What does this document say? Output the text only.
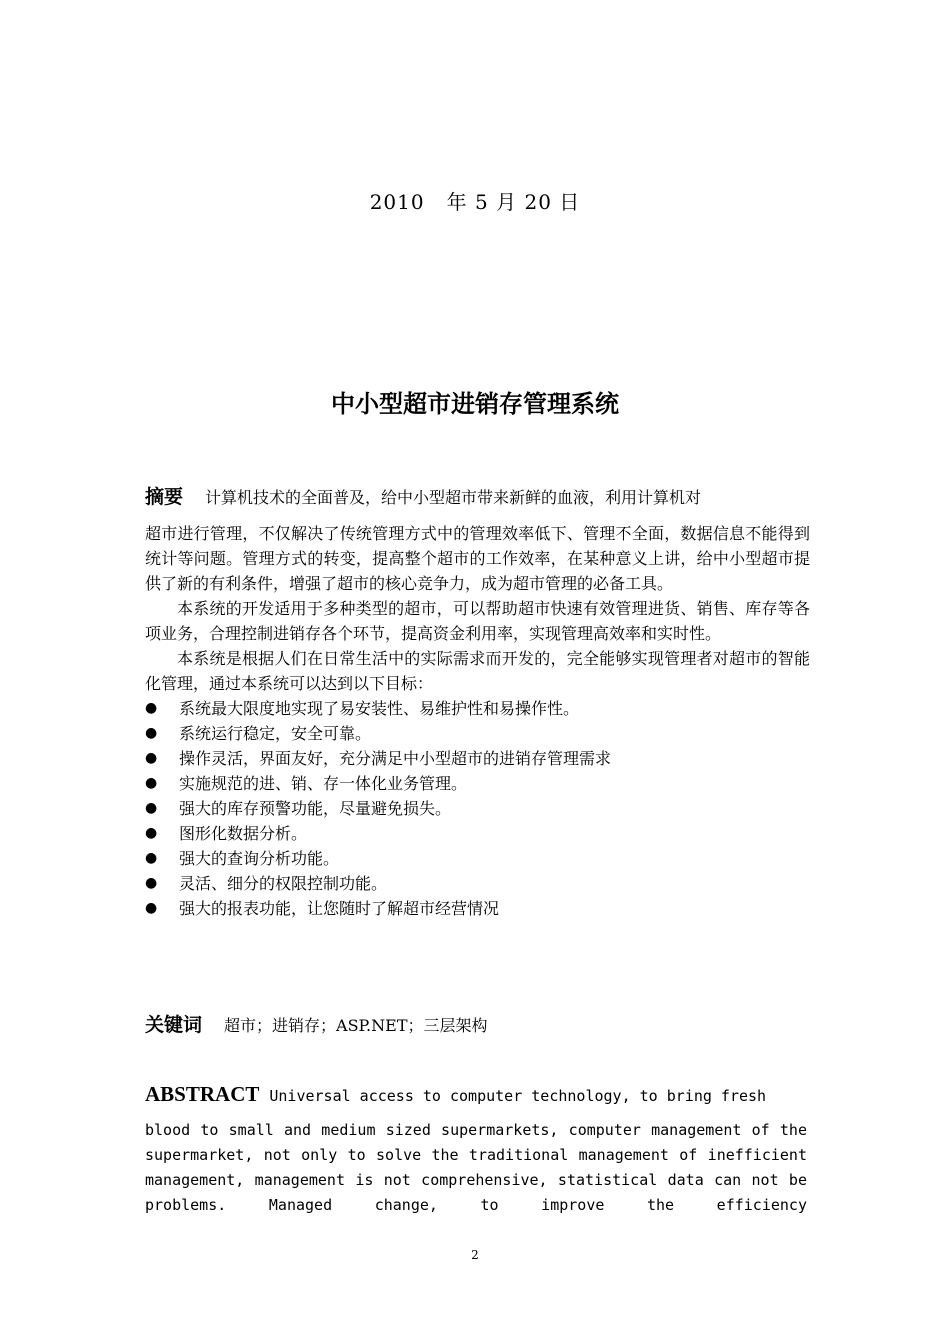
2010   年 5 月 20 日
中小型超市进销存管理系统
摘要 计算机技术的全面普及，给中小型超市带来新鲜的血液，利用计算机对

超市进行管理，不仅解决了传统管理方式中的管理效率低下、管理不全面，数据信息不能得到统计等问题。管理方式的转变，提高整个超市的工作效率，在某种意义上讲，给中小型超市提供了新的有利条件，增强了超市的核心竞争力，成为超市管理的必备工具。

本系统的开发适用于多种类型的超市，可以帮助超市快速有效管理进货、销售、库存等各项业务，合理控制进销存各个环节，提高资金利用率，实现管理高效率和实时性。

本系统是根据人们在日常生活中的实际需求而开发的，完全能够实现管理者对超市的智能化管理，通过本系统可以达到以下目标：

●	系统最大限度地实现了易安装性、易维护性和易操作性。
●	系统运行稳定，安全可靠。
●	操作灵活，界面友好，充分满足中小型超市的进销存管理需求
●	实施规范的进、销、存一体化业务管理。
●	强大的库存预警功能，尽量避免损失。
●	图形化数据分析。
●	强大的查询分析功能。
●	灵活、细分的权限控制功能。
●	强大的报表功能，让您随时了解超市经营情况
关键词 超市；进销存；ASP.NET；三层架构
ABSTRACT Universal access to computer technology, to bring fresh

blood to small and medium sized supermarkets, computer management of the supermarket, not only to solve the traditional management of inefficient management, management is not comprehensive, statistical data can not be problems. Managed change, to improve the efficiency

2
